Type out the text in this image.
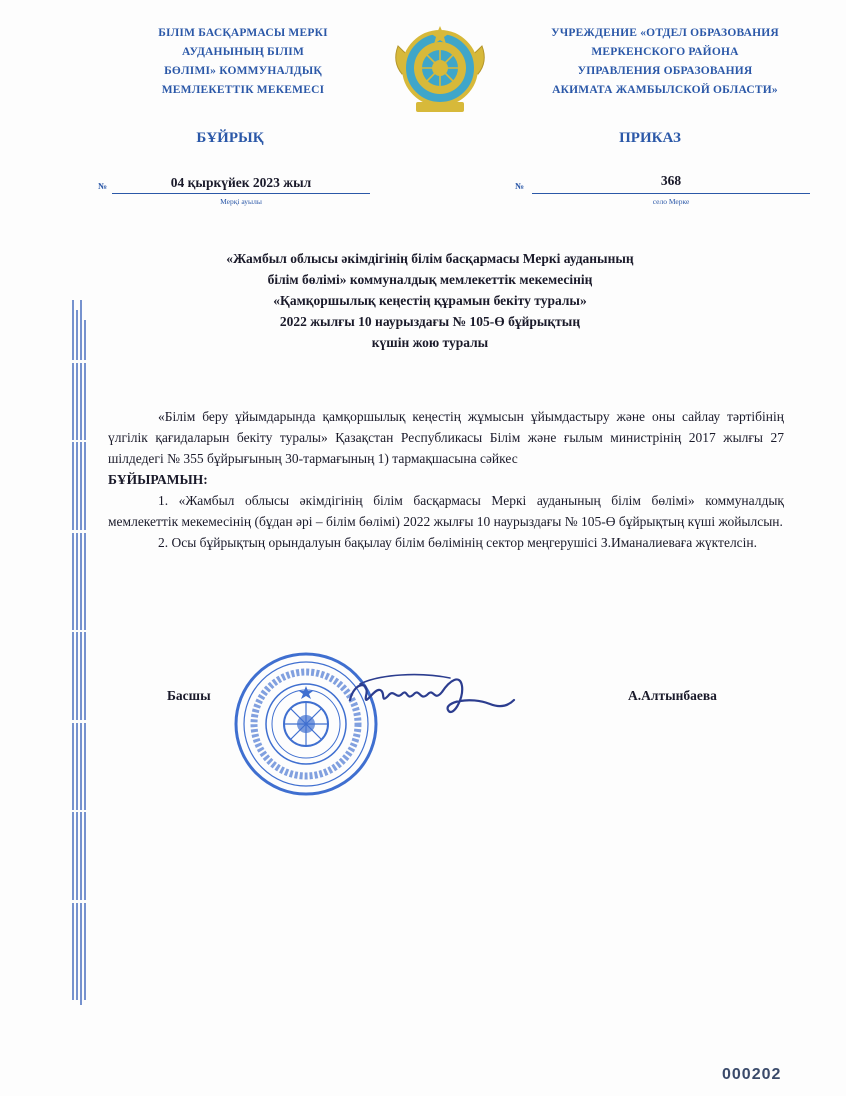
БІЛІМ БАСҚАРМАСЫ МЕРКІ
АУДАНЫНЫҢ БІЛІМ
БӨЛІМІ» КОММУНАЛДЫҚ
МЕМЛЕКЕТТІК МЕКЕМЕСІ
УЧРЕЖДЕНИЕ «ОТДЕЛ ОБРАЗОВАНИЯ
МЕРКЕНСКОГО РАЙОНА
УПРАВЛЕНИЯ ОБРАЗОВАНИЯ
АКИМАТА ЖАМБЫЛСКОЙ ОБЛАСТИ»
БҰЙРЫҚ	ПРИКАЗ
№	04 қыркүйек 2023 жыл
Мерқі ауылы
№	368
село Мерке
«Жамбыл облысы әкімдігінің білім басқармасы Меркі ауданының
білім бөлімі» коммуналдық мемлекеттік мекемесінің
«Қамқоршылық кеңестің құрамын бекіту туралы»
2022 жылғы 10 наурыздағы № 105-Ө бұйрықтың
күшін жою туралы

«Білім беру ұйымдарында қамқоршылық кеңестің жұмысын ұйымдастыру және оны сайлау тәртібінің үлгілік қағидаларын бекіту туралы» Қазақстан Республикасы Білім және ғылым министрінің 2017 жылғы 27 шілдедегі № 355 бұйрығының 30-тармағының 1) тармақшасына сәйкес

БҰЙЫРАМЫН:

1. «Жамбыл облысы әкімдігінің білім басқармасы Меркі ауданының білім бөлімі» коммуналдық мемлекеттік мекемесінің (бұдан әрі – білім бөлімі) 2022 жылғы 10 наурыздағы № 105-Ө бұйрықтың күші жойылсын.

2. Осы бұйрықтың орындалуын бақылау білім бөлімінің сектор меңгерушісі З.Иманалиеваға жүктелсін.

Басшы	А.Алтынбаева
000202
